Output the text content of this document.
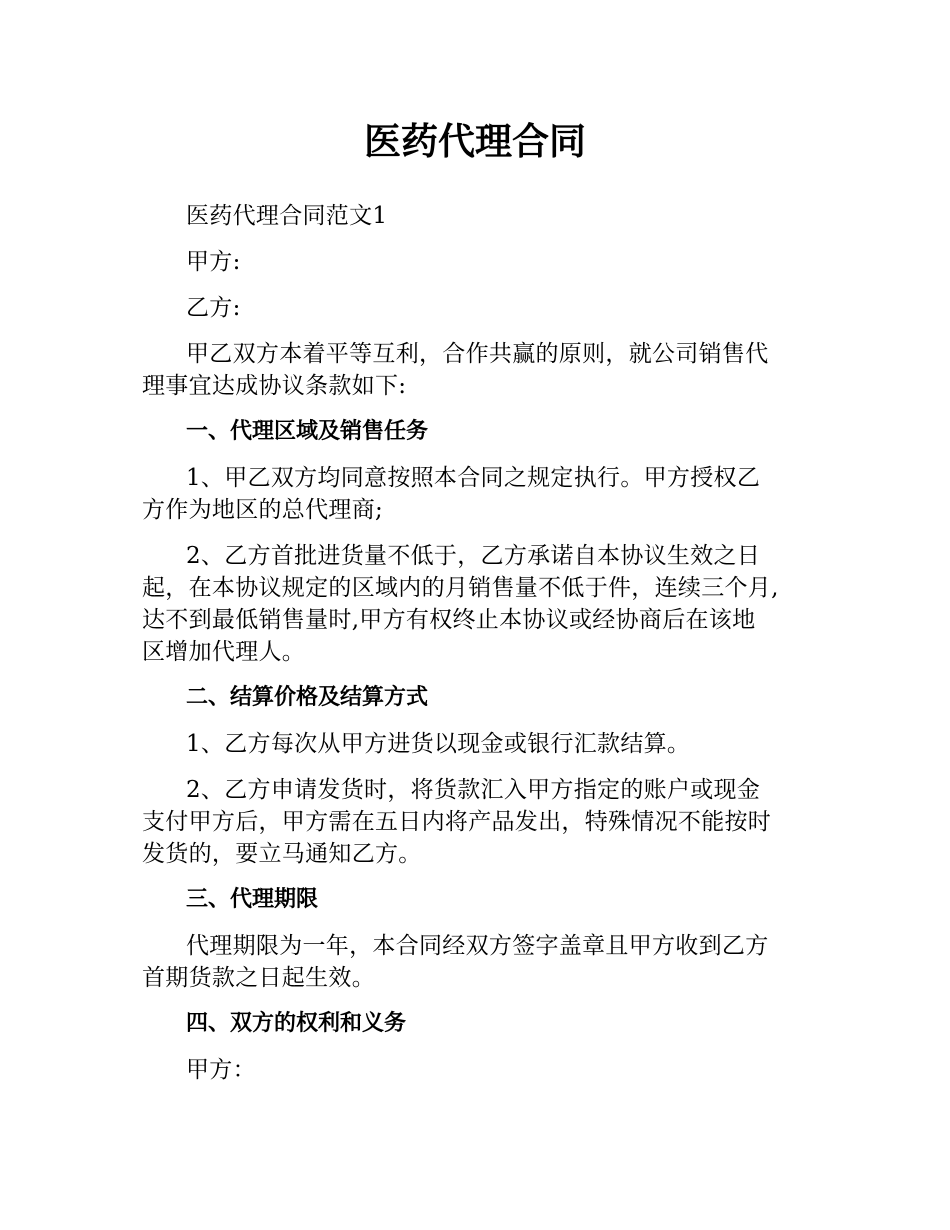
医药代理合同

医药代理合同范文1

甲方:

乙方:

甲乙双方本着平等互利，合作共赢的原则，就公司销售代
理事宜达成协议条款如下:

一、代理区域及销售任务

1、甲乙双方均同意按照本合同之规定执行。甲方授权乙
方作为地区的总代理商;

2、乙方首批进货量不低于，乙方承诺自本协议生效之日
起，在本协议规定的区域内的月销售量不低于件，连续三个月,
达不到最低销售量时,甲方有权终止本协议或经协商后在该地
区增加代理人。

二、结算价格及结算方式

1、乙方每次从甲方进货以现金或银行汇款结算。

2、乙方申请发货时，将货款汇入甲方指定的账户或现金
支付甲方后，甲方需在五日内将产品发出，特殊情况不能按时
发货的，要立马通知乙方。

三、代理期限

代理期限为一年，本合同经双方签字盖章且甲方收到乙方
首期货款之日起生效。

四、双方的权利和义务

甲方：
